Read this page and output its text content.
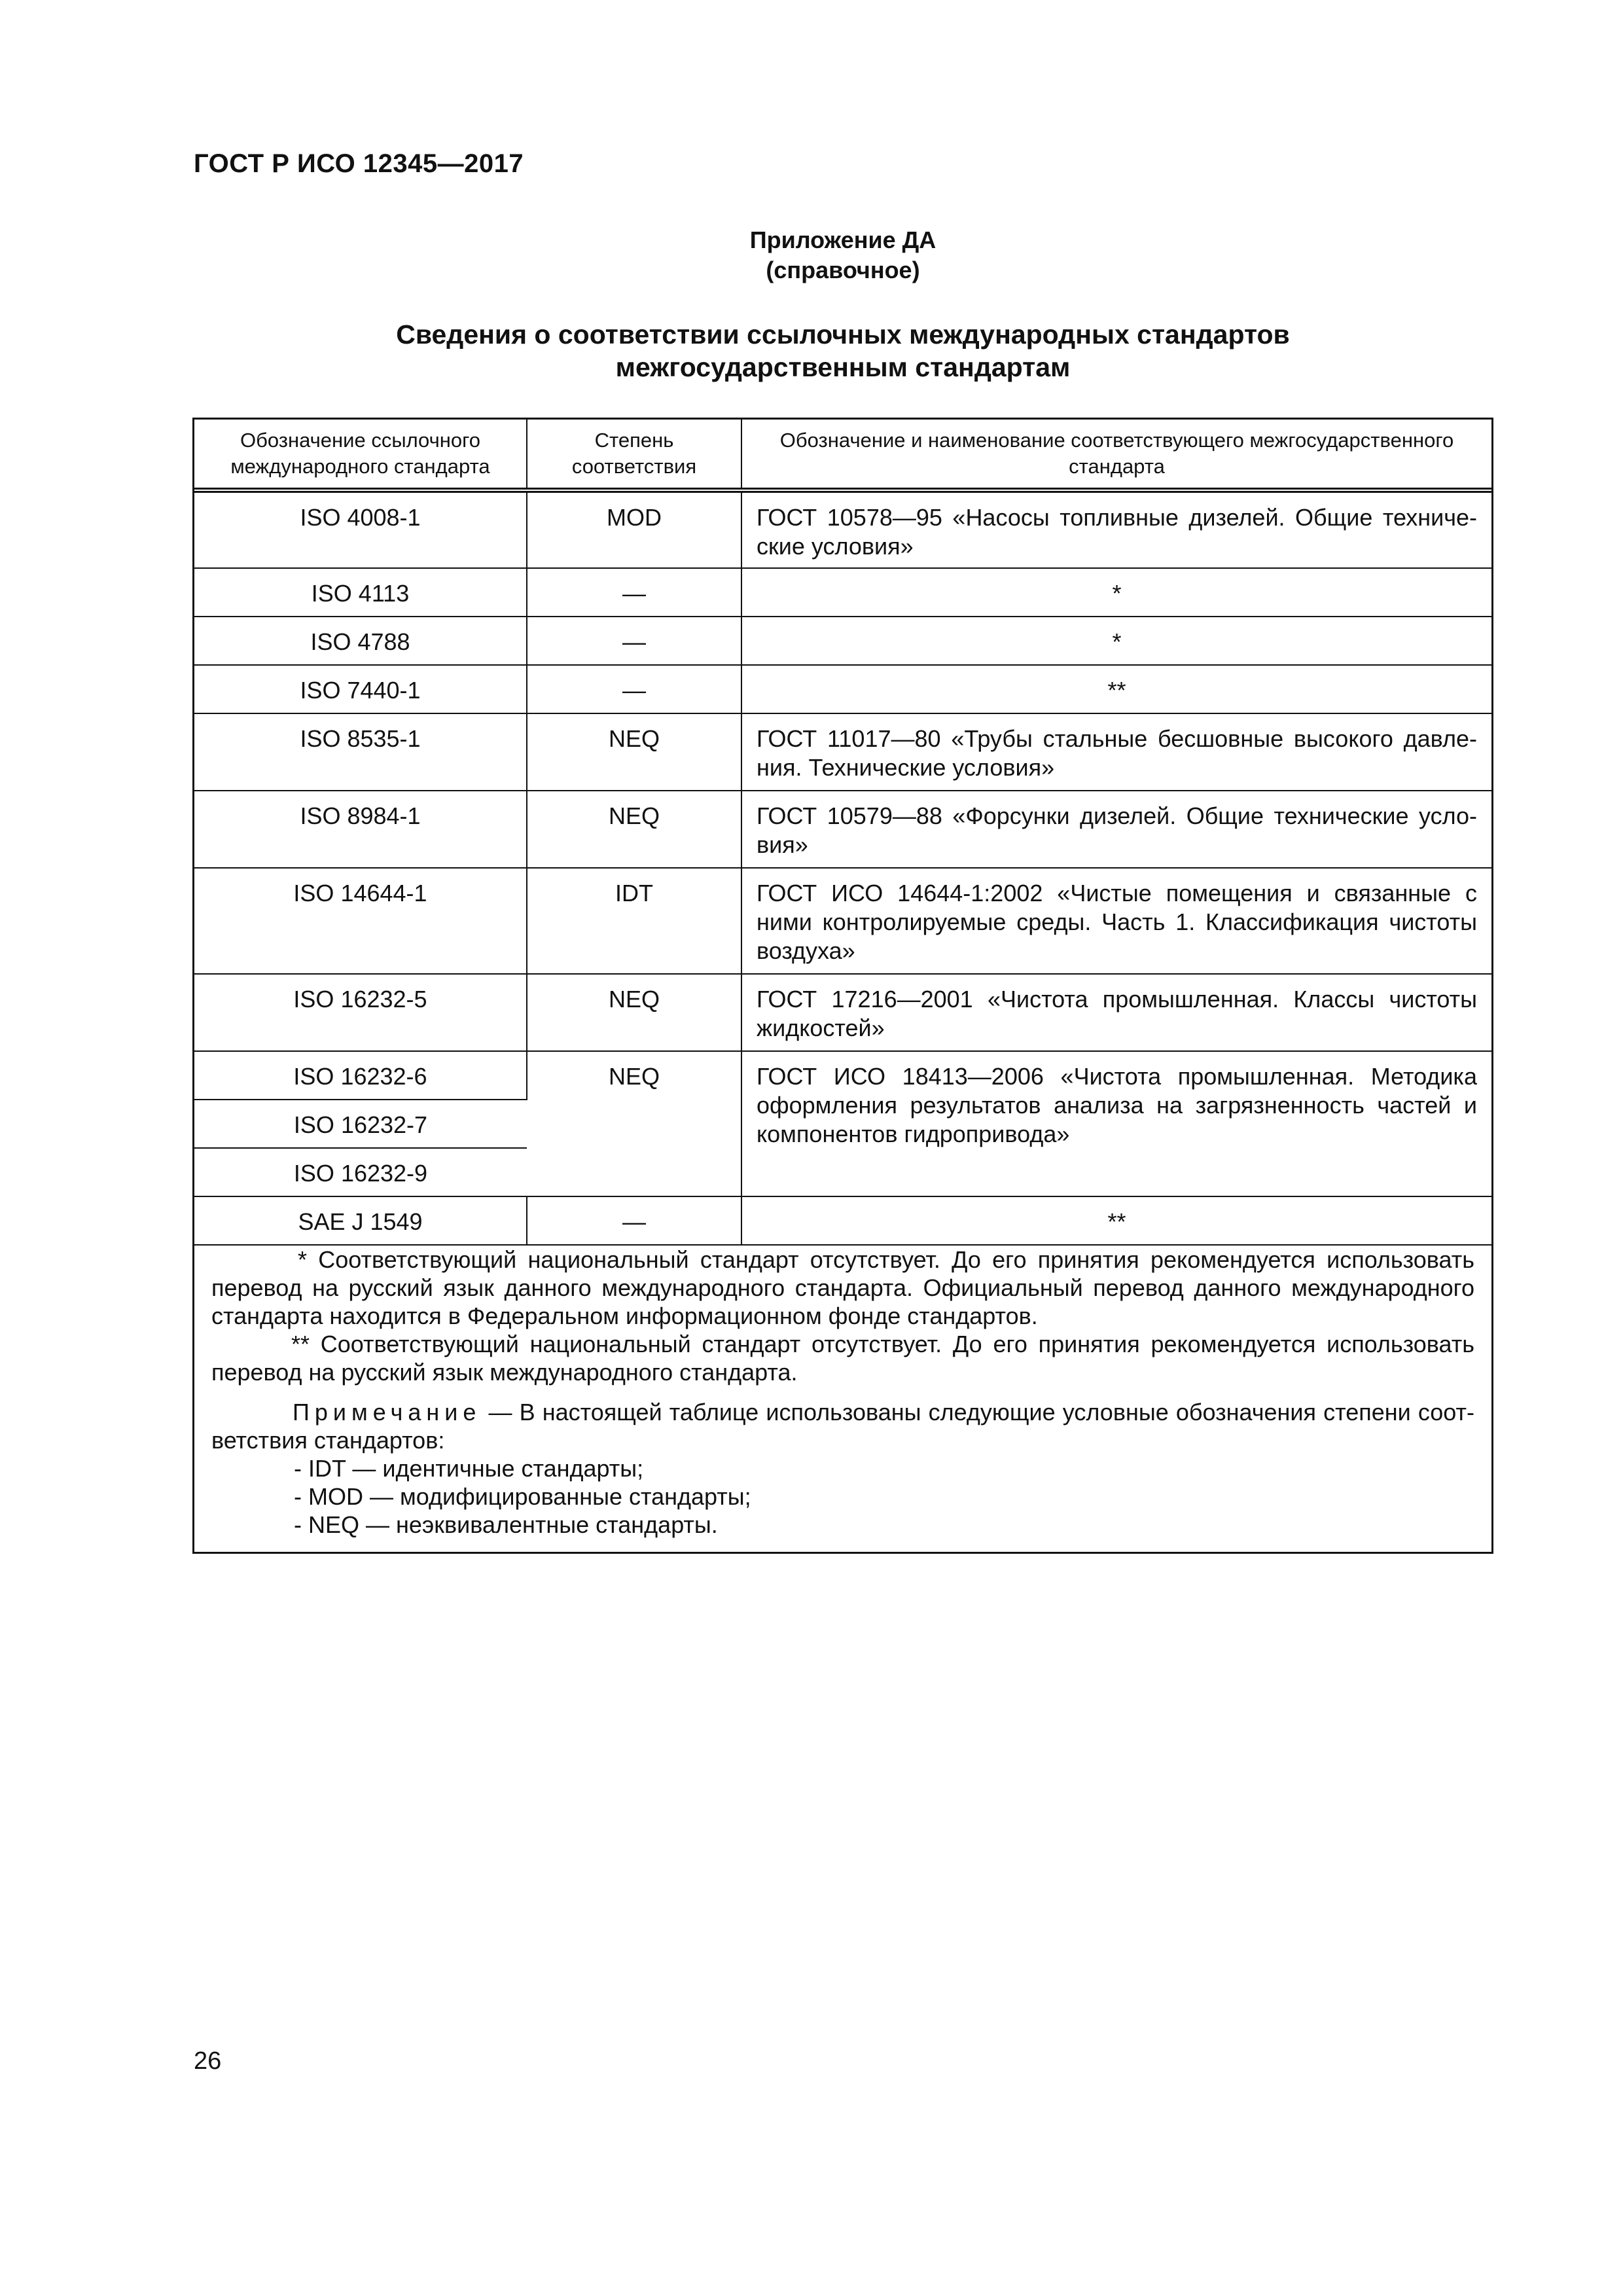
ГОСТ Р ИСО 12345—2017
Приложение ДА
(справочное)
Сведения о соответствии ссылочных международных стандартов
межгосударственным стандартам
Обозначение ссылочного международного стандарта	Степень соответствия	Обозначение и наименование соответствующего межгосударственного стандарта
ISO 4008-1	MOD	ГОСТ 10578—95 «Насосы топливные дизелей. Общие техниче-ские условия»
ISO 4113	—	*
ISO 4788	—	*
ISO 7440-1	—	**
ISO 8535-1	NEQ	ГОСТ 11017—80 «Трубы стальные бесшовные высокого давле-ния. Технические условия»
ISO 8984-1	NEQ	ГОСТ 10579—88 «Форсунки дизелей. Общие технические усло-вия»
ISO 14644-1	IDT	ГОСТ ИСО 14644-1:2002 «Чистые помещения и связанные с ними контролируемые среды. Часть 1. Классификация чистоты воздуха»
ISO 16232-5	NEQ	ГОСТ 17216—2001 «Чистота промышленная. Классы чистоты жидкостей»
ISO 16232-6	NEQ	ГОСТ ИСО 18413—2006 «Чистота промышленная. Методика оформления результатов анализа на загрязненность частей и компонентов гидропривода»
ISO 16232-7		
ISO 16232-9		
SAE J 1549	—	**

* Соответствующий национальный стандарт отсутствует. До его принятия рекомендуется использовать перевод на русский язык данного международного стандарта. Официальный перевод данного международного стандарта находится в Федеральном информационном фонде стандартов.

** Соответствующий национальный стандарт отсутствует. До его принятия рекомендуется использовать перевод на русский язык международного стандарта.

Примечание — В настоящей таблице использованы следующие условные обозначения степени соот-ветствия стандартов:

- IDT — идентичные стандарты;
- MOD — модифицированные стандарты;
- NEQ — неэквивалентные стандарты.
26
